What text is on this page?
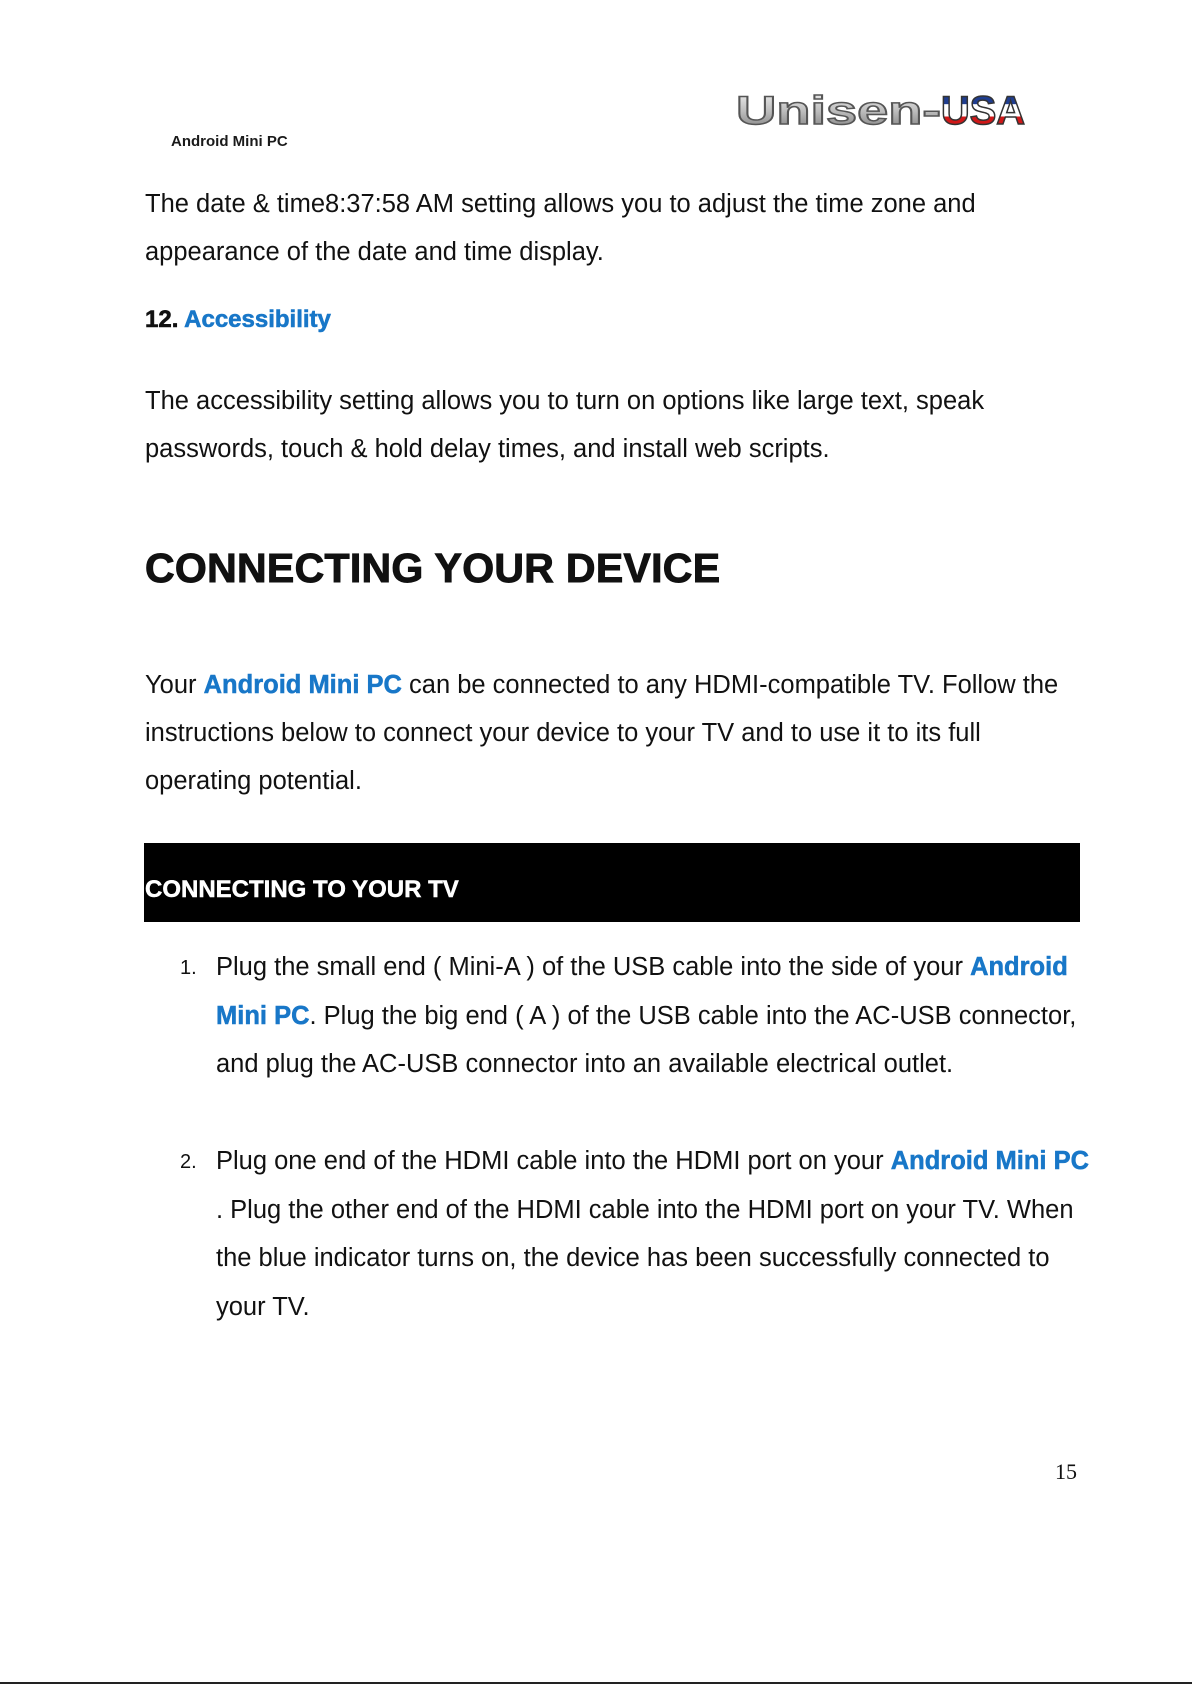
Android Mini PC
Unisen- USA

The date & time8:37:58 AM setting allows you to adjust the time zone and appearance of the date and time display.

12. Accessibility

The accessibility setting allows you to turn on options like large text, speak passwords, touch & hold delay times, and install web scripts.

CONNECTING YOUR DEVICE

Your Android Mini PC can be connected to any HDMI-compatible TV. Follow the instructions below to connect your device to your TV and to use it to its full operating potential.

CONNECTING TO YOUR TV
1. Plug the small end ( Mini-A ) of the USB cable into the side of your Android Mini PC. Plug the big end ( A ) of the USB cable into the AC-USB connector, and plug the AC-USB connector into an available electrical outlet.

2. Plug one end of the HDMI cable into the HDMI port on your Android Mini PC . Plug the other end of the HDMI cable into the HDMI port on your TV. When the blue indicator turns on, the device has been successfully connected to your TV.

15
